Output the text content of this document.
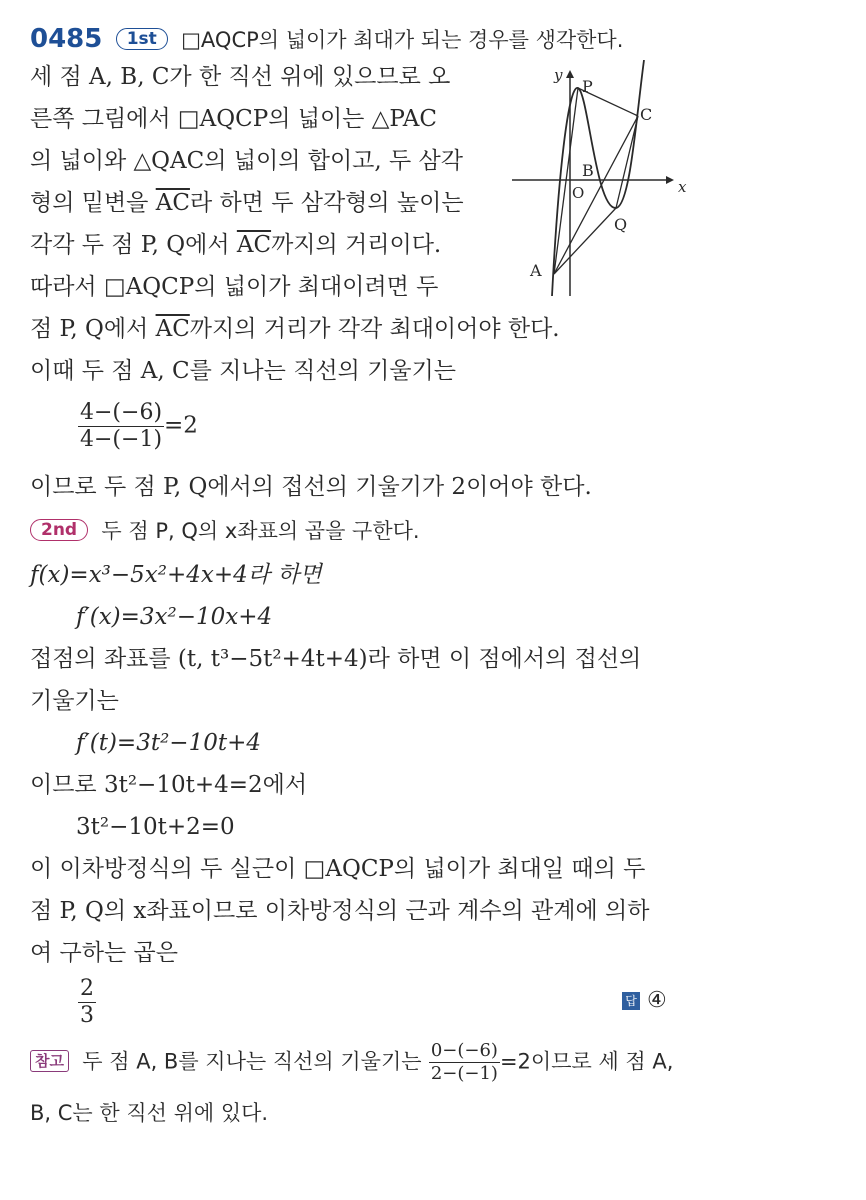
0485 1st □AQCP의 넓이가 최대가 되는 경우를 생각한다.
세 점 A, B, C가 한 직선 위에 있으므로 오
른쪽 그림에서 □AQCP의 넓이는 △PAC
의 넓이와 △QAC의 넓이의 합이고, 두 삼각
형의 밑변을 $\overline{AC}$라 하면 두 삼각형의 높이는
각각 두 점 P, Q에서 $\overline{AC}$까지의 거리이다.
따라서 □AQCP의 넓이가 최대이려면 두
점 P, Q에서 $\overline{AC}$까지의 거리가 각각 최대이어야 한다.
이때 두 점 A, C를 지나는 직선의 기울기는
$\frac{4-(-6)}{4-(-1)} =2$
이므로 두 점 P, Q에서의 접선의 기울기가 2이어야 한다.
2nd 두 점 P, Q의 x좌표의 곱을 구한다.
f(x)=x³−5x²+4x+4라 하면
f′(x)=3x²−10x+4
접점의 좌표를 (t, t³−5t²+4t+4)라 하면 이 점에서의 접선의
기울기는
f′(t)=3t²−10t+4
이므로 3t²−10t+4=2에서
3t²−10t+2=0
이 이차방정식의 두 실근이 □AQCP의 넓이가 최대일 때의 두
점 P, Q의 x좌표이므로 이차방정식의 근과 계수의 관계에 의하
여 구하는 곱은
$\frac{2}{3}$	답 ④
참고 두 점 A, B를 지나는 직선의 기울기는 $\frac{0-(-6)}{2-(-1)} =2$이므로 세 점 A,
B, C는 한 직선 위에 있다.
y
x
O
A
B
C
P
Q
